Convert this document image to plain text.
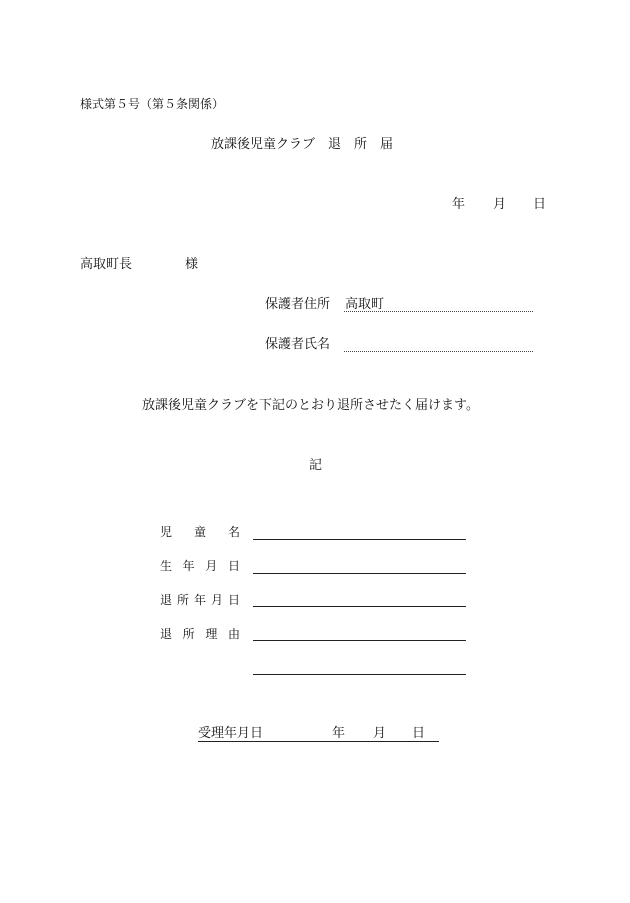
様式第５号（第５条関係）
放課後児童クラブ　退　所　届
年 月 日
高取町長	様
保護者住所 高取町
保護者氏名
放課後児童クラブを下記のとおり退所させたく届けます。
記
児 童 名
生 年 月 日
退 所 年 月 日
退 所 理 由
受理年月日	年 月 日
